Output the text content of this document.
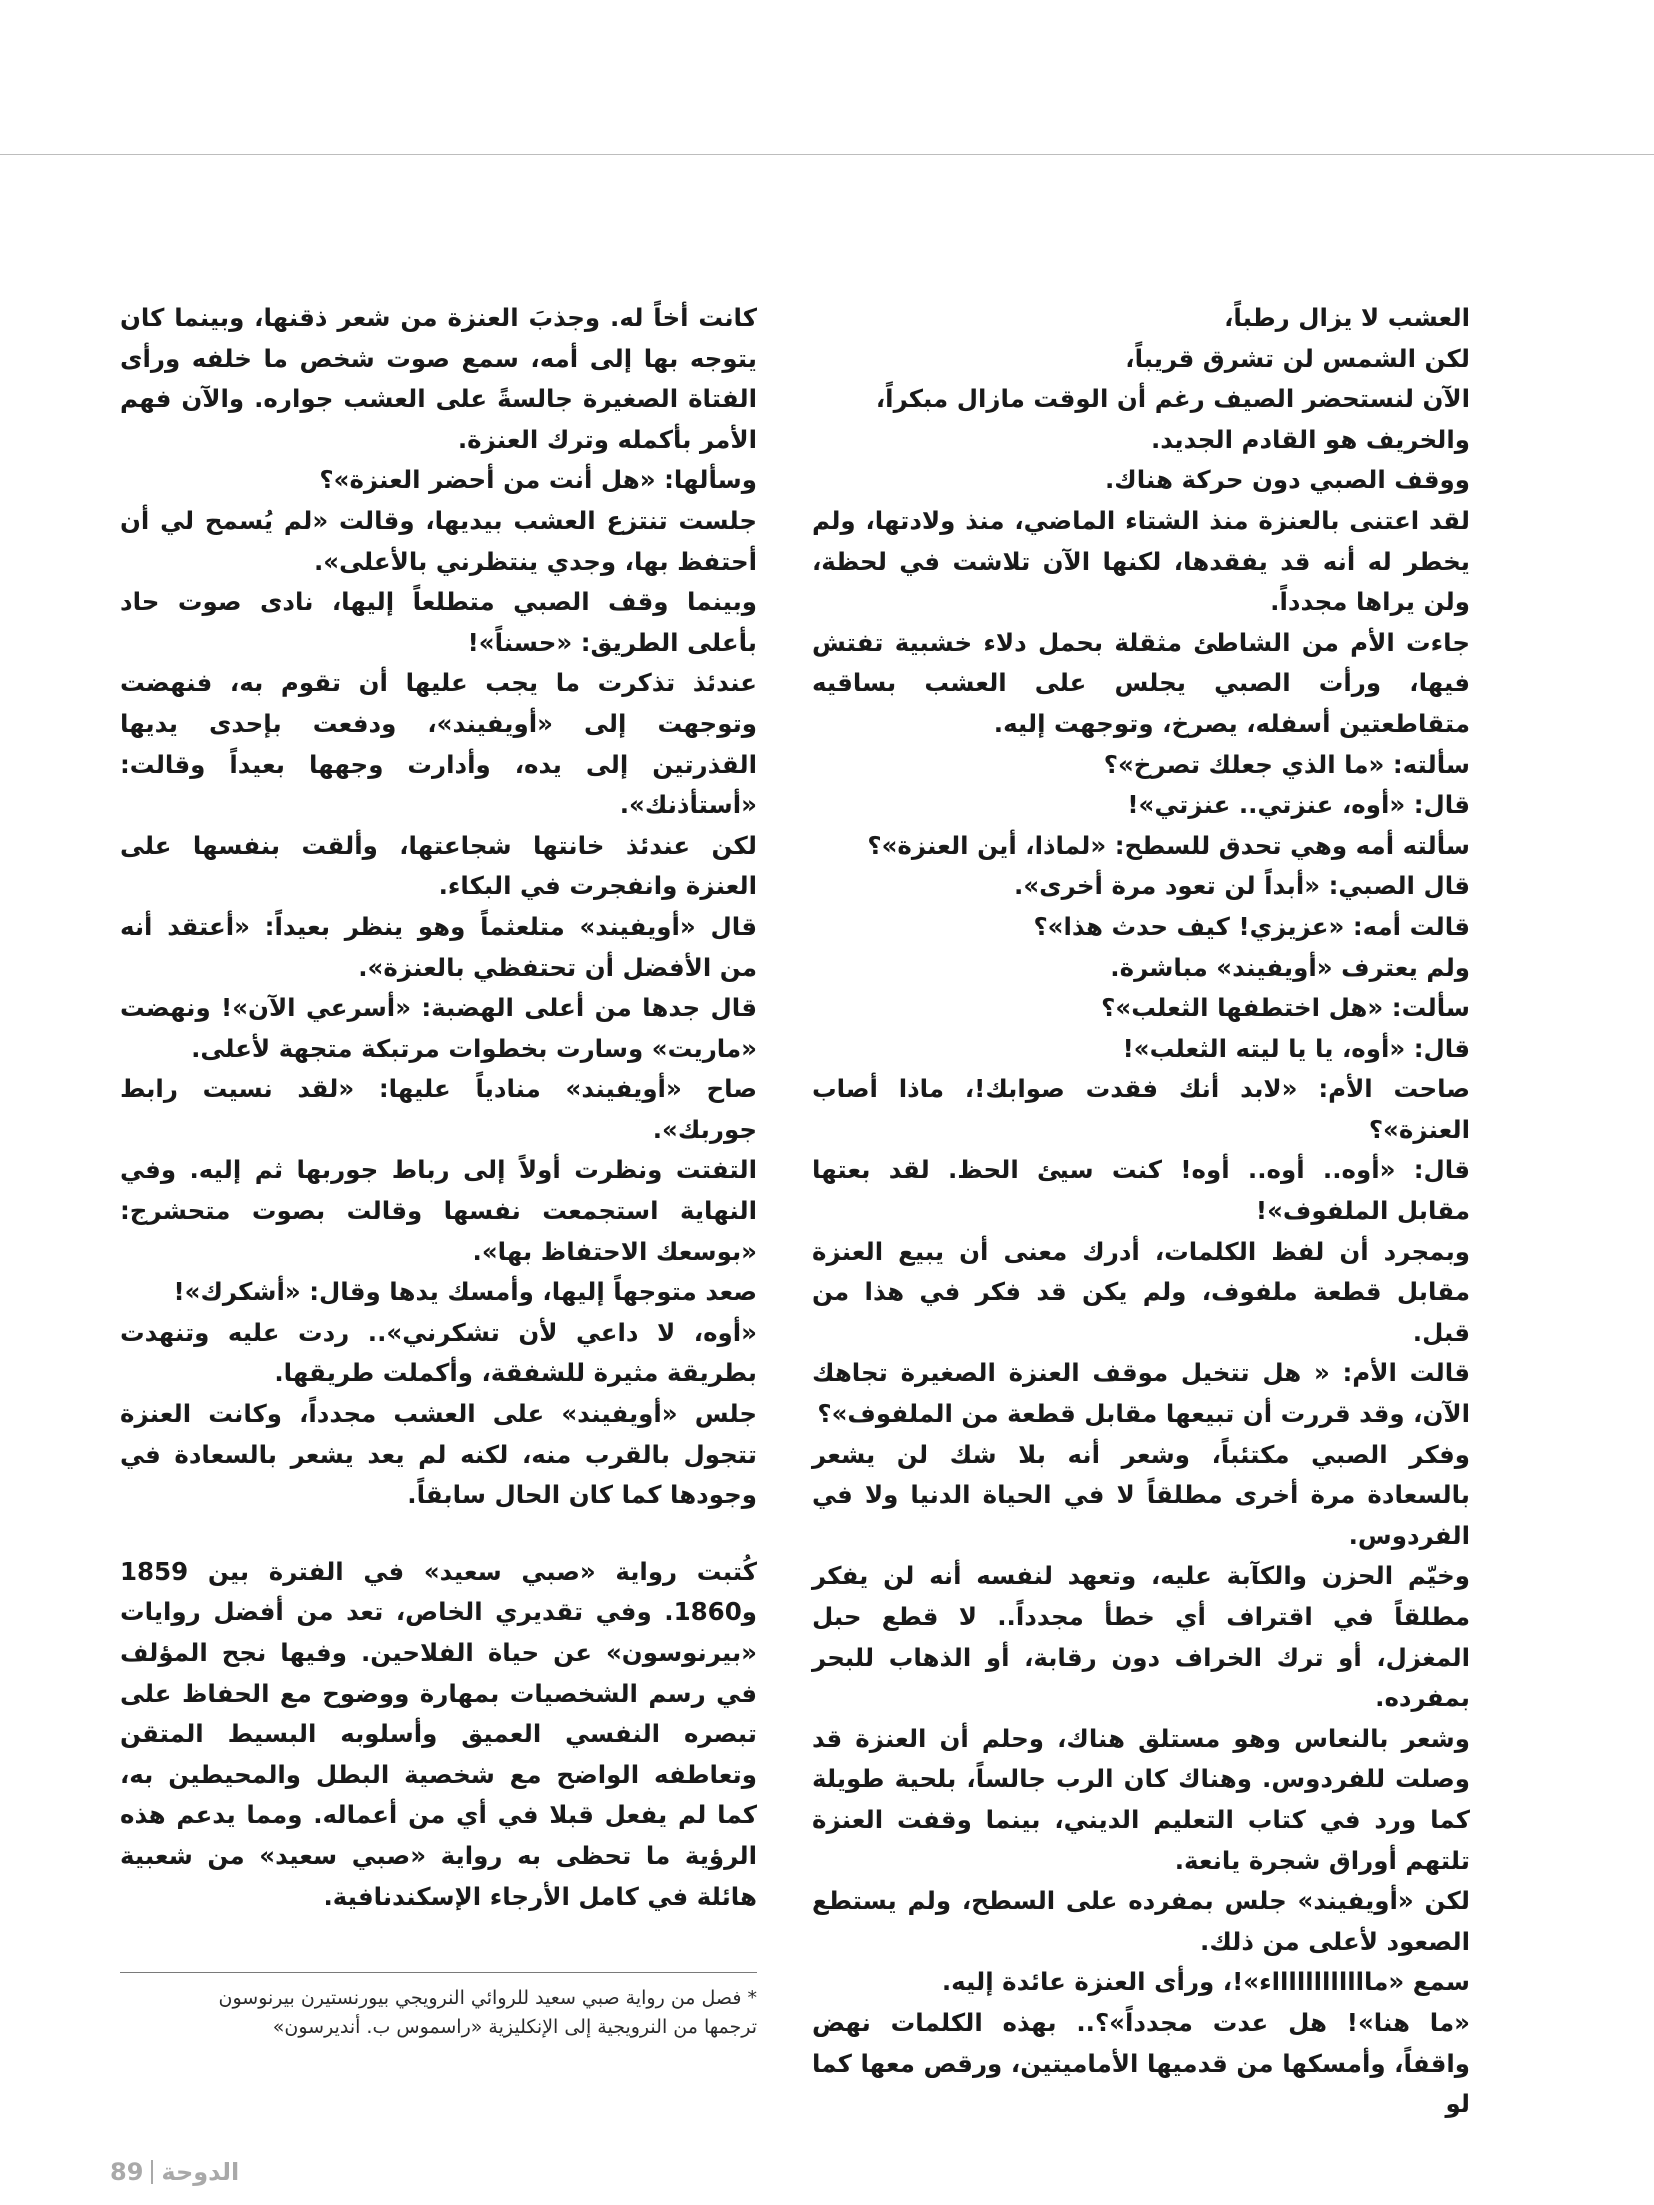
العشب لا يزال رطباً،

لكن الشمس لن تشرق قريباً،

الآن لنستحضر الصيف رغم أن الوقت مازال مبكراً،

والخريف هو القادم الجديد.

ووقف الصبي دون حركة هناك.

لقد اعتنى بالعنزة منذ الشتاء الماضي، منذ ولادتها، ولم يخطر له أنه قد يفقدها، لكنها الآن تلاشت في لحظة، ولن يراها مجدداً.

جاءت الأم من الشاطئ مثقلة بحمل دلاء خشبية تفتش فيها، ورأت الصبي يجلس على العشب بساقيه متقاطعتين أسفله، يصرخ، وتوجهت إليه.

سألته: «ما الذي جعلك تصرخ»؟

قال: «أوه، عنزتي.. عنزتي»!

سألته أمه وهي تحدق للسطح: «لماذا، أين العنزة»؟

قال الصبي: «أبداً لن تعود مرة أخرى».

قالت أمه: «عزيزي! كيف حدث هذا»؟

ولم يعترف «أويفيند» مباشرة.

سألت: «هل اختطفها الثعلب»؟

قال: «أوه، يا يا ليته الثعلب»!

صاحت الأم: «لابد أنك فقدت صوابك!، ماذا أصاب العنزة»؟

قال: «أوه.. أوه.. أوه! كنت سيئ الحظ. لقد بعتها مقابل الملفوف»!

وبمجرد أن لفظ الكلمات، أدرك معنى أن يبيع العنزة مقابل قطعة ملفوف، ولم يكن قد فكر في هذا من قبل.

قالت الأم: « هل تتخيل موقف العنزة الصغيرة تجاهك الآن، وقد قررت أن تبيعها مقابل قطعة من الملفوف»؟

وفكر الصبي مكتئباً، وشعر أنه بلا شك لن يشعر بالسعادة مرة أخرى مطلقاً لا في الحياة الدنيا ولا في الفردوس.

وخيّم الحزن والكآبة عليه، وتعهد لنفسه أنه لن يفكر مطلقاً في اقتراف أي خطأ مجدداً.. لا قطع حبل المغزل، أو ترك الخراف دون رقابة، أو الذهاب للبحر بمفرده.

وشعر بالنعاس وهو مستلق هناك، وحلم أن العنزة قد وصلت للفردوس. وهناك كان الرب جالساً، بلحية طويلة كما ورد في كتاب التعليم الديني، بينما وقفت العنزة تلتهم أوراق شجرة يانعة.

لكن «أويفيند» جلس بمفرده على السطح، ولم يستطع الصعود لأعلى من ذلك.

سمع «مااااااااااااء»!، ورأى العنزة عائدة إليه.

«ما هنا»! هل عدت مجدداً»؟.. بهذه الكلمات نهض واقفاً، وأمسكها من قدميها الأماميتين، ورقص معها كما لو

كانت أخاً له. وجذبَ العنزة من شعر ذقنها، وبينما كان يتوجه بها إلى أمه، سمع صوت شخص ما خلفه ورأى الفتاة الصغيرة جالسةً على العشب جواره. والآن فهم الأمر بأكمله وترك العنزة.

وسألها: «هل أنت من أحضر العنزة»؟

جلست تنتزع العشب بيديها، وقالت «لم يُسمح لي أن أحتفظ بها، وجدي ينتظرني بالأعلى».

وبينما وقف الصبي متطلعاً إليها، نادى صوت حاد بأعلى الطريق: «حسناً»!

عندئذ تذكرت ما يجب عليها أن تقوم به، فنهضت وتوجهت إلى «أويفيند»، ودفعت بإحدى يديها القذرتين إلى يده، وأدارت وجهها بعيداً وقالت: «أستأذنك».

لكن عندئذ خانتها شجاعتها، وألقت بنفسها على العنزة وانفجرت في البكاء.

قال «أويفيند» متلعثماً وهو ينظر بعيداً: «أعتقد أنه من الأفضل أن تحتفظي بالعنزة».

قال جدها من أعلى الهضبة: «أسرعي الآن»! ونهضت «ماريت» وسارت بخطوات مرتبكة متجهة لأعلى.

صاح «أويفيند» منادياً عليها: «لقد نسيت رابط جوربك».

التفتت ونظرت أولاً إلى رباط جوربها ثم إليه. وفي النهاية استجمعت نفسها وقالت بصوت متحشرج: «بوسعك الاحتفاظ بها».

صعد متوجهاً إليها، وأمسك يدها وقال: «أشكرك»!

«أوه، لا داعي لأن تشكرني».. ردت عليه وتنهدت بطريقة مثيرة للشفقة، وأكملت طريقها.

جلس «أويفيند» على العشب مجدداً، وكانت العنزة تتجول بالقرب منه، لكنه لم يعد يشعر بالسعادة في وجودها كما كان الحال سابقاً.

كُتبت رواية «صبي سعيد» في الفترة بين 1859 و1860. وفي تقديري الخاص، تعد من أفضل روايات «بيرنوسون» عن حياة الفلاحين. وفيها نجح المؤلف في رسم الشخصيات بمهارة ووضوح مع الحفاظ على تبصره النفسي العميق وأسلوبه البسيط المتقن وتعاطفه الواضح مع شخصية البطل والمحيطين به، كما لم يفعل قبلا في أي من أعماله. ومما يدعم هذه الرؤية ما تحظى به رواية «صبي سعيد» من شعبية هائلة في كامل الأرجاء الإسكندنافية.

* فصل من رواية صبي سعيد للروائي النرويجي بيورنستيرن بيرنوسون
ترجمها من النرويجية إلى الإنكليزية «راسموس ب. أنديرسون»
89 الدوحة
